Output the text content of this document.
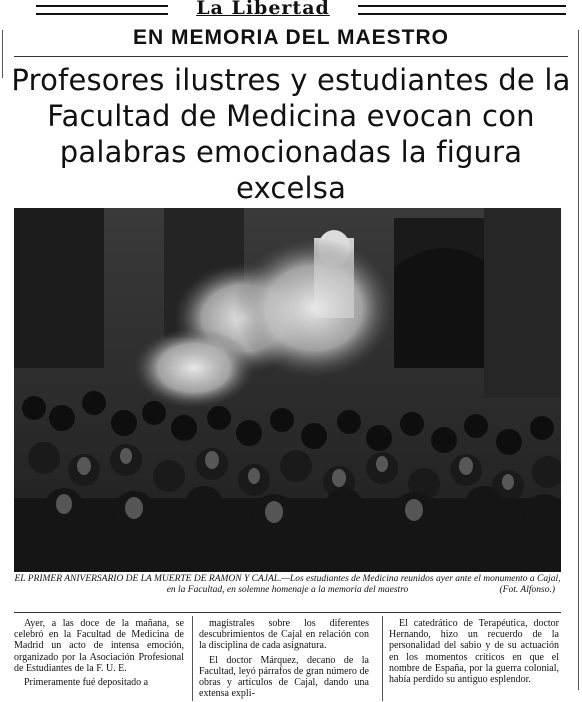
La Libertad
EN MEMORIA DEL MAESTRO
Profesores ilustres y estudiantes de la
Facultad de Medicina evocan con
palabras emocionadas la figura excelsa
EL PRIMER ANIVERSARIO DE LA MUERTE DE RAMON Y CAJAL.—Los estudiantes de Medicina reunidos ayer ante el monumento a Cajal, en la Facultad, en solemne homenaje a la memoria del maestro	(Fot. Alfonso.)

Ayer, a las doce de la mañana, se celebró en la Facultad de Medicina de Madrid un acto de intensa emoción, organizado por la Asociación Profesional de Estudiantes de la F. U. E.

Primeramente fué depositado a

magistrales sobre los diferentes descubrimientos de Cajal en relación con la disciplina de cada asignatura.

El doctor Márquez, decano de la Facultad, leyó párrafos de gran número de obras y artículos de Cajal, dando una extensa expli-

El catedrático de Terapéutica, doctor Hernando, hizo un recuerdo de la personalidad del sabio y de su actuación en los momentos críticos en que el nombre de España, por la guerra colonial, había perdido su antiguo esplendor.
